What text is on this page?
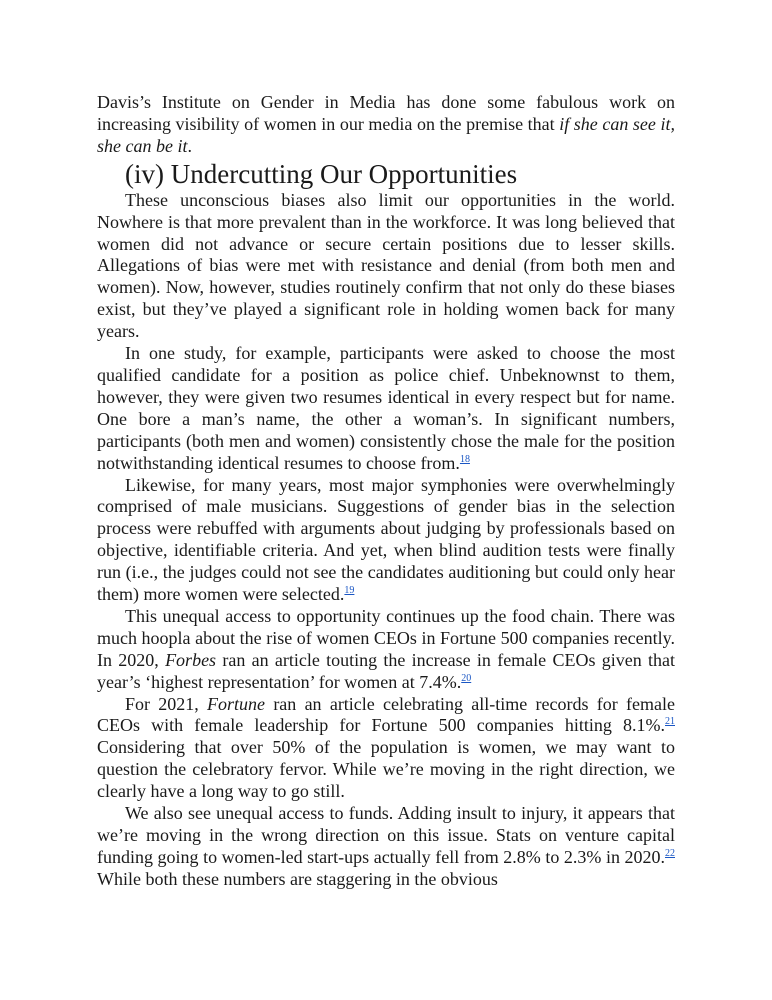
Davis’s Institute on Gender in Media has done some fabulous work on increasing visibility of women in our media on the premise that if she can see it, she can be it.

(iv) Undercutting Our Opportunities

These unconscious biases also limit our opportunities in the world. Nowhere is that more prevalent than in the workforce. It was long believed that women did not advance or secure certain positions due to lesser skills. Allegations of bias were met with resistance and denial (from both men and women). Now, however, studies routinely confirm that not only do these biases exist, but they’ve played a significant role in holding women back for many years.

In one study, for example, participants were asked to choose the most qualified candidate for a position as police chief. Unbeknownst to them, however, they were given two resumes identical in every respect but for name. One bore a man’s name, the other a woman’s. In significant numbers, participants (both men and women) consistently chose the male for the position notwithstanding identical resumes to choose from.$^{18}$

Likewise, for many years, most major symphonies were overwhelmingly comprised of male musicians. Suggestions of gender bias in the selection process were rebuffed with arguments about judging by professionals based on objective, identifiable criteria. And yet, when blind audition tests were finally run (i.e., the judges could not see the candidates auditioning but could only hear them) more women were selected.$^{19}$

This unequal access to opportunity continues up the food chain. There was much hoopla about the rise of women CEOs in Fortune 500 companies recently. In 2020, Forbes ran an article touting the increase in female CEOs given that year’s ‘highest representation’ for women at 7.4%.$^{20}$

For 2021, Fortune ran an article celebrating all-time records for female CEOs with female leadership for Fortune 500 companies hitting 8.1%.$^{21}$ Considering that over 50% of the population is women, we may want to question the celebratory fervor. While we’re moving in the right direction, we clearly have a long way to go still.

We also see unequal access to funds. Adding insult to injury, it appears that we’re moving in the wrong direction on this issue. Stats on venture capital funding going to women-led start-ups actually fell from 2.8% to 2.3% in 2020.22 While both these numbers are staggering in the obvious
